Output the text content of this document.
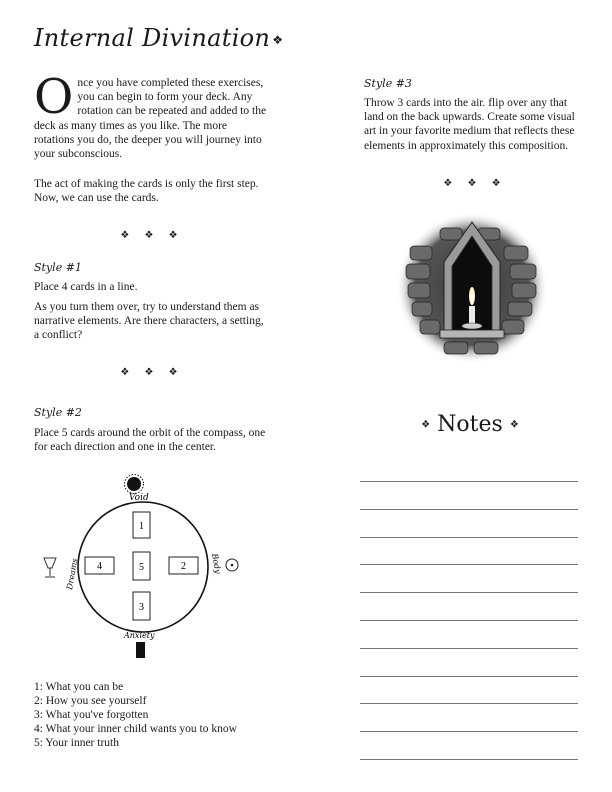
Internal Divination ❖
Once you have completed these exercises, you can begin to form your deck. Any rotation can be repeated and added to the deck as many times as you like. The more rotations you do, the deeper you will journey into your subconscious.
The act of making the cards is only the first step. Now, we can use the cards.
❖ ❖ ❖
Style #1
Place 4 cards in a line.
As you turn them over, try to understand them as narrative elements. Are there characters, a setting, a conflict?
❖ ❖ ❖
Style #2
Place 5 cards around the orbit of the compass, one for each direction and one in the center.
Void
Dreams	Body
Anxiety
1
5
3
4	2
1: What you can be
2: How you see yourself
3: What you've forgotten
4: What your inner child wants you to know
5: Your inner truth
Style #3
Throw 3 cards into the air. flip over any that land on the back upwards. Create some visual art in your favorite medium that reflects these elements in approximately this composition.
❖ ❖ ❖
❖ Notes ❖
